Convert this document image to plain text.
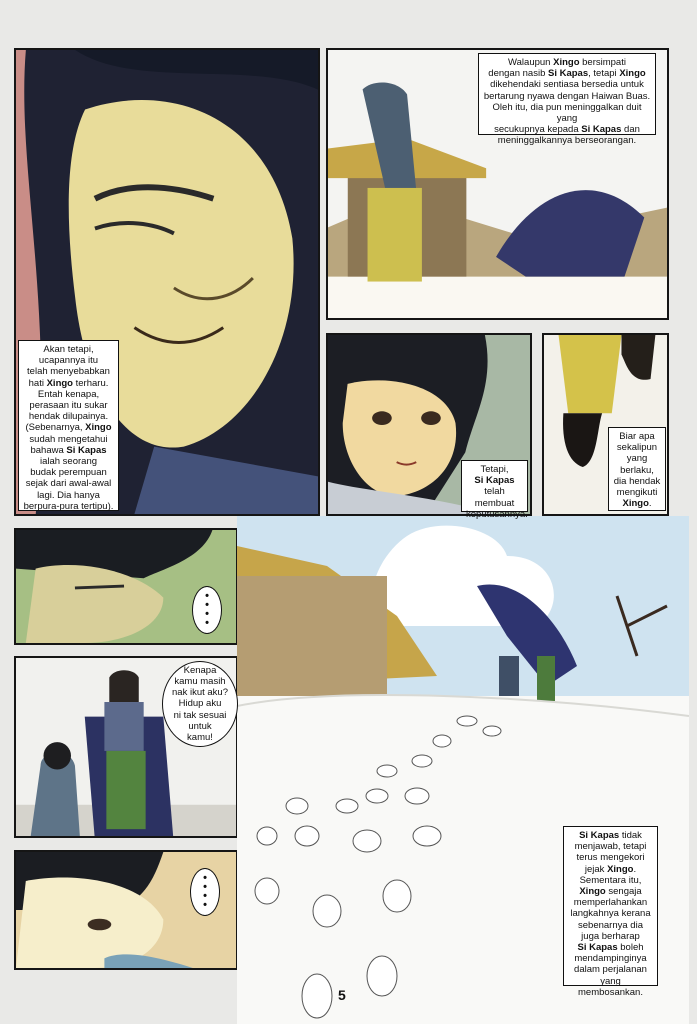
Walaupun Xingo bersimpati
dengan nasib Si Kapas, tetapi Xingo
dikehendaki sentiasa bersedia untuk
bertarung nyawa dengan Haiwan Buas.
Oleh itu, dia pun meninggalkan duit yang
secukupnya kepada Si Kapas dan
meninggalkannya berseorangan.
Akan tetapi,
ucapannya itu
telah menyebabkan
hati Xingo terharu.
Entah kenapa,
perasaan itu sukar
hendak dilupainya.
(Sebenarnya, Xingo
sudah mengetahui
bahawa Si Kapas
ialah seorang
budak perempuan
sejak dari awal-awal
lagi. Dia hanya
berpura-pura tertipu).
Tetapi,
Si Kapas
telah membuat
keputusannya.
Biar apa
sekalipun
yang
berlaku,
dia hendak
mengikuti
Xingo.
Si Kapas tidak
menjawab, tetapi
terus mengekori
jejak Xingo.
Sementara itu,
Xingo sengaja
memperlahankan
langkahnya kerana
sebenarnya dia
juga berharap
Si Kapas boleh
mendampinginya
dalam perjalanan
yang membosankan.
Kenapa
kamu masih
nak ikut aku?
Hidup aku
ni tak sesuai
untuk
kamu!
•
•
•
•
•
•
•
•
5
